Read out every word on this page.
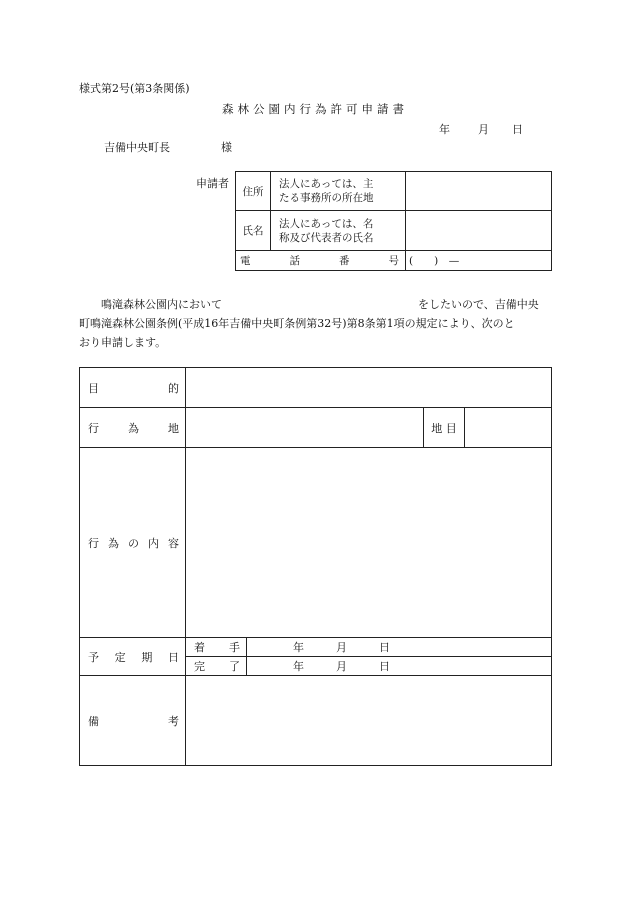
様式第2号(第3条関係)
森林公園内行為許可申請書
年	月 日
吉備中央町長	様
申請者
住所	法人にあっては、主
たる事務所の所在地	

氏名	法人にあっては、名
称及び代表者の氏名	

電 話 番 号		(　　)　—
鳴滝森林公園内において	をしたいので、吉備中央
町鳴滝森林公園条例(平成16年吉備中央町条例第32号)第8条第1項の規定により、次のと
おり申請します。
目 的				

行 為 地			地 目	

行 為 の 内 容				

予 定 期 日	着 手	年 月 日		

	完 了	年 月 日		

備 考				
